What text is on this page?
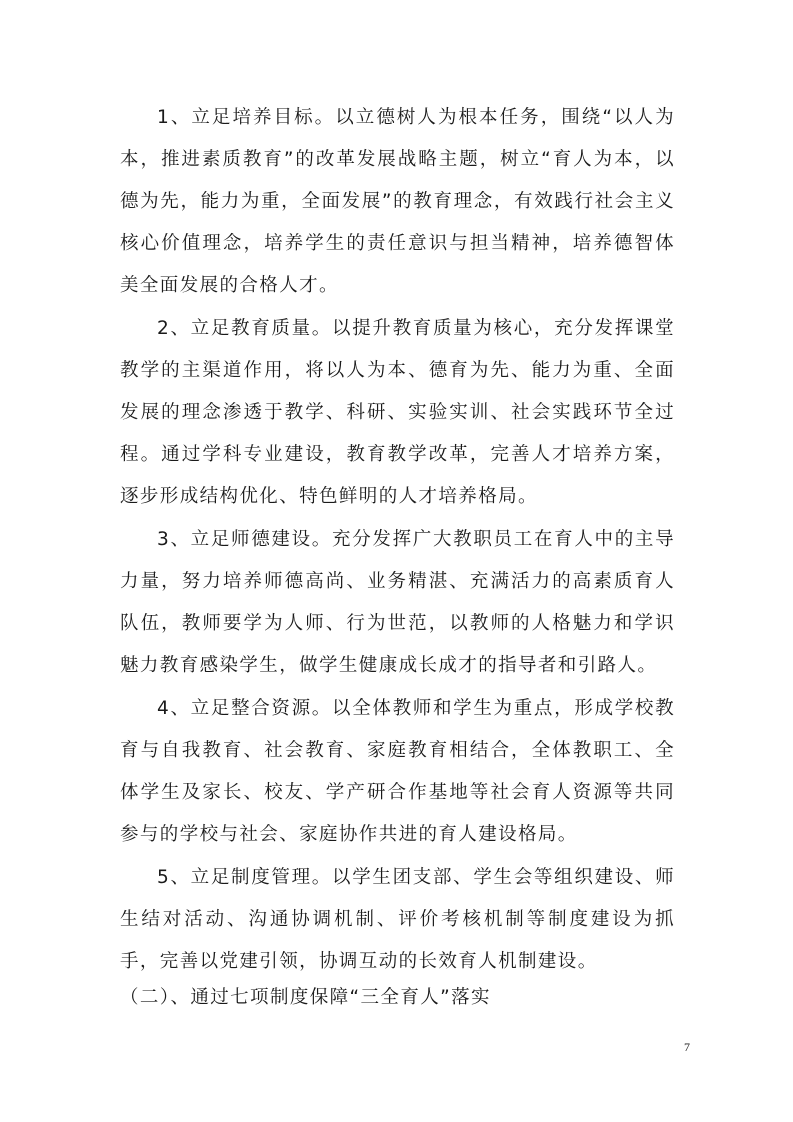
1、立足培养目标。以立德树人为根本任务，围绕“以人为本，推进素质教育”的改革发展战略主题，树立“育人为本，以德为先，能力为重，全面发展”的教育理念，有效践行社会主义核心价值理念，培养学生的责任意识与担当精神，培养德智体美全面发展的合格人才。

2、立足教育质量。以提升教育质量为核心，充分发挥课堂教学的主渠道作用，将以人为本、德育为先、能力为重、全面发展的理念渗透于教学、科研、实验实训、社会实践环节全过程。通过学科专业建设，教育教学改革，完善人才培养方案，逐步形成结构优化、特色鲜明的人才培养格局。

3、立足师德建设。充分发挥广大教职员工在育人中的主导力量，努力培养师德高尚、业务精湛、充满活力的高素质育人队伍，教师要学为人师、行为世范，以教师的人格魅力和学识魅力教育感染学生，做学生健康成长成才的指导者和引路人。

4、立足整合资源。以全体教师和学生为重点，形成学校教育与自我教育、社会教育、家庭教育相结合，全体教职工、全体学生及家长、校友、学产研合作基地等社会育人资源等共同参与的学校与社会、家庭协作共进的育人建设格局。

5、立足制度管理。以学生团支部、学生会等组织建设、师生结对活动、沟通协调机制、评价考核机制等制度建设为抓手，完善以党建引领，协调互动的长效育人机制建设。

（二）、通过七项制度保障“三全育人”落实

7
